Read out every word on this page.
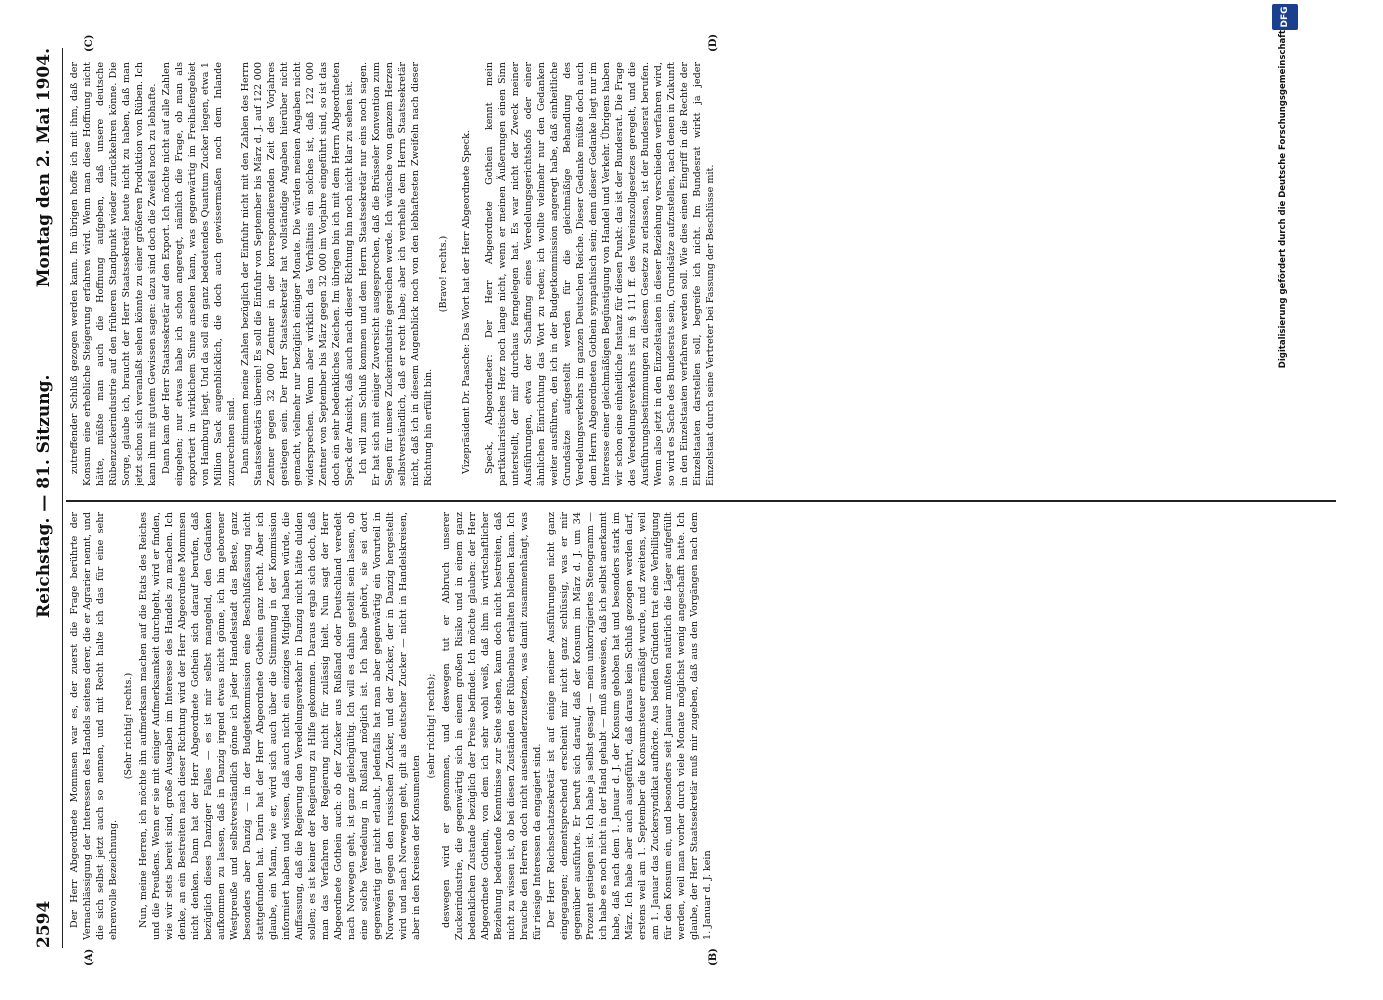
2594
Reichstag. — 81. Sitzung.
Montag den 2. Mai 1904.
(A)	(B)
(C)	(D)

Der Herr Abgeordnete Mommsen war es, der zuerst die Frage berührte der Vernachlässigung der Interessen des Handels seitens derer, die er Agrarier nennt, und die sich selbst jetzt auch so nennen, und mit Recht halte ich das für eine sehr ehrenvolle Bezeichnung.

(Sehr richtig! rechts.) Nun, meine Herren, ich möchte ihn aufmerksam machen auf die Etats des Reiches und die Preußens. Wenn er sie mit einiger Aufmerksamkeit durchgeht, wird er finden, wie wir stets bereit sind, große Ausgaben im Interesse des Handels zu machen. Ich denke, an ein Bestreiten nach dieser Richtung wird der Herr Abgeordnete Mommsen nicht denken. Dann hat der Herr Abgeordnete Gothein sich darauf berufen, daß bezüglich dieses Danziger Falles — es ist mir selbst mangelnd, den Gedanken aufkommen zu lassen, daß in Danzig irgend etwas nicht gönne, ich bin geborener Westpreuße und selbstverständlich gönne ich jeder Handelsstadt das Beste, ganz besonders aber Danzig — in der Budgetkommission eine Beschlußfassung nicht stattgefunden hat. Darin hat der Herr Abgeordnete Gothein ganz recht. Aber ich glaube, ein Mann, wie er, wird sich auch über die Stimmung in der Kommission informiert haben und wissen, daß auch nicht ein einziges Mitglied haben würde, die Auffassung, daß die Regierung den Veredelungsverkehr in Danzig nicht hätte dulden sollen; es ist keiner der Regierung zu Hilfe gekommen. Daraus ergab sich doch, daß man das Verfahren der Regierung nicht für zulässig hielt. Nun sagt der Herr Abgeordnete Gothein auch: ob der Zucker aus Rußland oder Deutschland veredelt nach Norwegen geht, ist ganz gleichgültig. Ich will es dahin gestellt sein lassen, ob eine solche Veredelung in Rußland möglich ist. Ich habe gehört, sie sei dort gegenwärtig gar nicht erlaubt. Jedenfalls hat man aber gegenwärtig ein Vorurteil in Norwegen gegen den russischen Zucker, und der Zucker, der in Danzig hergestellt wird und nach Norwegen geht, gilt als deutscher Zucker — nicht in Handelskreisen, aber in den Kreisen der Konsumenten

(sehr richtig! rechts); deswegen wird er genommen, und deswegen tut er Abbruch unserer Zuckerindustrie, die gegenwärtig sich in einem großen Risiko und in einem ganz bedenklichen Zustande bezüglich der Preise befindet. Ich möchte glauben: der Herr Abgeordnete Gothein, von dem ich sehr wohl weiß, daß ihm in wirtschaftlicher Beziehung bedeutende Kenntnisse zur Seite stehen, kann doch nicht bestreiten, daß nicht zu wissen ist, ob bei diesen Zuständen der Rübenbau erhalten bleiben kann. Ich brauche den Herren doch nicht auseinanderzusetzen, was damit zusammenhängt, was für riesige Interessen da engagiert sind. Der Herr Reichsschatzsekretär ist auf einige meiner Ausführungen nicht ganz eingegangen; dementsprechend erscheint mir nicht ganz schlüssig, was er mir gegenüber ausführte. Er beruft sich darauf, daß der Konsum im März d. J. um 34 Prozent gestiegen ist. Ich habe ja selbst gesagt — mein unkorrigiertes Stenogramm — ich habe es noch nicht in der Hand gehabt — muß ausweisen, daß ich selbst anerkannt habe, daß nach dem 1. Januar d. J. der Konsum gehoben hat und besonders stark im März. Ich habe aber auch ausgeführt, daß daraus kein Schluß gezogen werden darf, erstens weil am 1. September die Konsumsteuer ermäßigt wurde, und zweitens, weil am 1. Januar das Zuckersyndikat aufhörte. Aus beiden Gründen trat eine Verbilligung für den Konsum ein, und besonders seit Januar mußten natürlich die Läger aufgefüllt werden, weil man vorher durch viele Monate möglichst wenig angeschafft hatte. Ich glaube, der Herr Staatssekretär muß mir zugeben, daß aus den Vorgängen nach dem 1. Januar d. J. kein

zutreffender Schluß gezogen werden kann. Im übrigen hoffe ich mit ihm, daß der Konsum eine erhebliche Steigerung erfahren wird. Wenn man diese Hoffnung nicht hätte, müßte man auch die Hoffnung aufgeben, daß unsere deutsche Rübenzuckerindustrie auf den früheren Standpunkt wieder zurückkehren könne. Die Sorge, glaube ich, braucht der Herr Staatssekretär heute nicht zu haben, daß man jetzt schon sich veranlaßt sehen könnte zu einer größeren Produktion von Rüben. Ich kann ihm mit gutem Gewissen sagen: dazu sind doch die Zweifel noch zu lebhafte. Dann kam der Herr Staatssekretär auf den Export. Ich möchte nicht auf alle Zahlen eingehen; nur etwas habe ich schon angeregt, nämlich die Frage, ob man als exportiert in wirklichem Sinne ansehen kann, was gegenwärtig im Freihafengebiet von Hamburg liegt. Und da soll ein ganz bedeutendes Quantum Zucker liegen, etwa 1 Million Sack augenblicklich, die doch auch gewissermaßen noch dem Inlande zuzurechnen sind. Dann stimmen meine Zahlen bezüglich der Einfuhr nicht mit den Zahlen des Herrn Staatssekretärs überein! Es soll die Einfuhr von September bis März d. J. auf 122 000 Zentner gegen 32 000 Zentner in der korrespondierenden Zeit des Vorjahres gestiegen sein. Der Herr Staatssekretär hat vollständige Angaben hierüber nicht gemacht, vielmehr nur bezüglich einiger Monate. Die würden meinen Angaben nicht widersprechen. Wenn aber wirklich das Verhältnis ein solches ist, daß 122 000 Zentner von September bis März gegen 32 000 im Vorjahre eingeführt sind, so ist das doch ein sehr bedenkliches Zeichen. Im übrigen bin ich mit dem Herrn Abgeordneten Speck der Ansicht, daß auch nach dieser Richtung hin noch nicht klar zu sehen ist. Ich will zum Schluß kommen und dem Herrn Staatssekretär nur eins noch sagen. Er hat sich mit einiger Zuversicht ausgesprochen, daß die Brüsseler Konvention zum Segen für unsere Zuckerindustrie gereichen werde. Ich wünsche von ganzem Herzen selbstverständlich, daß er recht habe; aber ich verhehle dem Herrn Staatssekretär nicht, daß ich in diesem Augenblick noch von den lebhaftesten Zweifeln nach dieser Richtung hin erfüllt bin.

(Bravo! rechts.) Vizepräsident Dr. Paasche: Das Wort hat der Herr Abgeordnete Speck. Speck, Abgeordneter: Der Herr Abgeordnete Gothein kennt mein partikularistisches Herz noch lange nicht, wenn er meinen Äußerungen einen Sinn unterstellt, der mir durchaus ferngelegen hat. Es war nicht der Zweck meiner Ausführungen, etwa der Schaffung eines Veredelungsgerichtshofs oder einer ähnlichen Einrichtung das Wort zu reden; ich wollte vielmehr nur den Gedanken weiter ausführen, den ich in der Budgetkommission angeregt habe, daß einheitliche Grundsätze aufgestellt werden für die gleichmäßige Behandlung des Veredelungsverkehrs im ganzen Deutschen Reiche. Dieser Gedanke müßte doch auch dem Herrn Abgeordneten Gothein sympathisch sein; denn dieser Gedanke liegt nur im Interesse einer gleichmäßigen Begünstigung von Handel und Verkehr. Übrigens haben wir schon eine einheitliche Instanz für diesen Punkt: das ist der Bundesrat. Die Frage des Veredelungsverkehrs ist im § 111 ff. des Vereinszollgesetzes geregelt, und die Ausführungsbestimmungen zu diesem Gesetze zu erlassen, ist der Bundesrat berufen. Wenn also jetzt in den Einzelstaaten in dieser Beziehung verschieden verfahren wird, so wird es Sache des Bundesrats sein, Grundsätze aufzustellen, nach denen in Zukunft in den Einzelstaaten verfahren werden soll. Wie dies einen Eingriff in die Rechte der Einzelstaaten darstellen soll, begreife ich nicht. Im Bundesrat wirkt ja jeder Einzelstaat durch seine Vertreter bei Fassung der Beschlüsse mit.	Digitalisierung gefördert durch die Deutsche Forschungsgemeinschaft
DFG
